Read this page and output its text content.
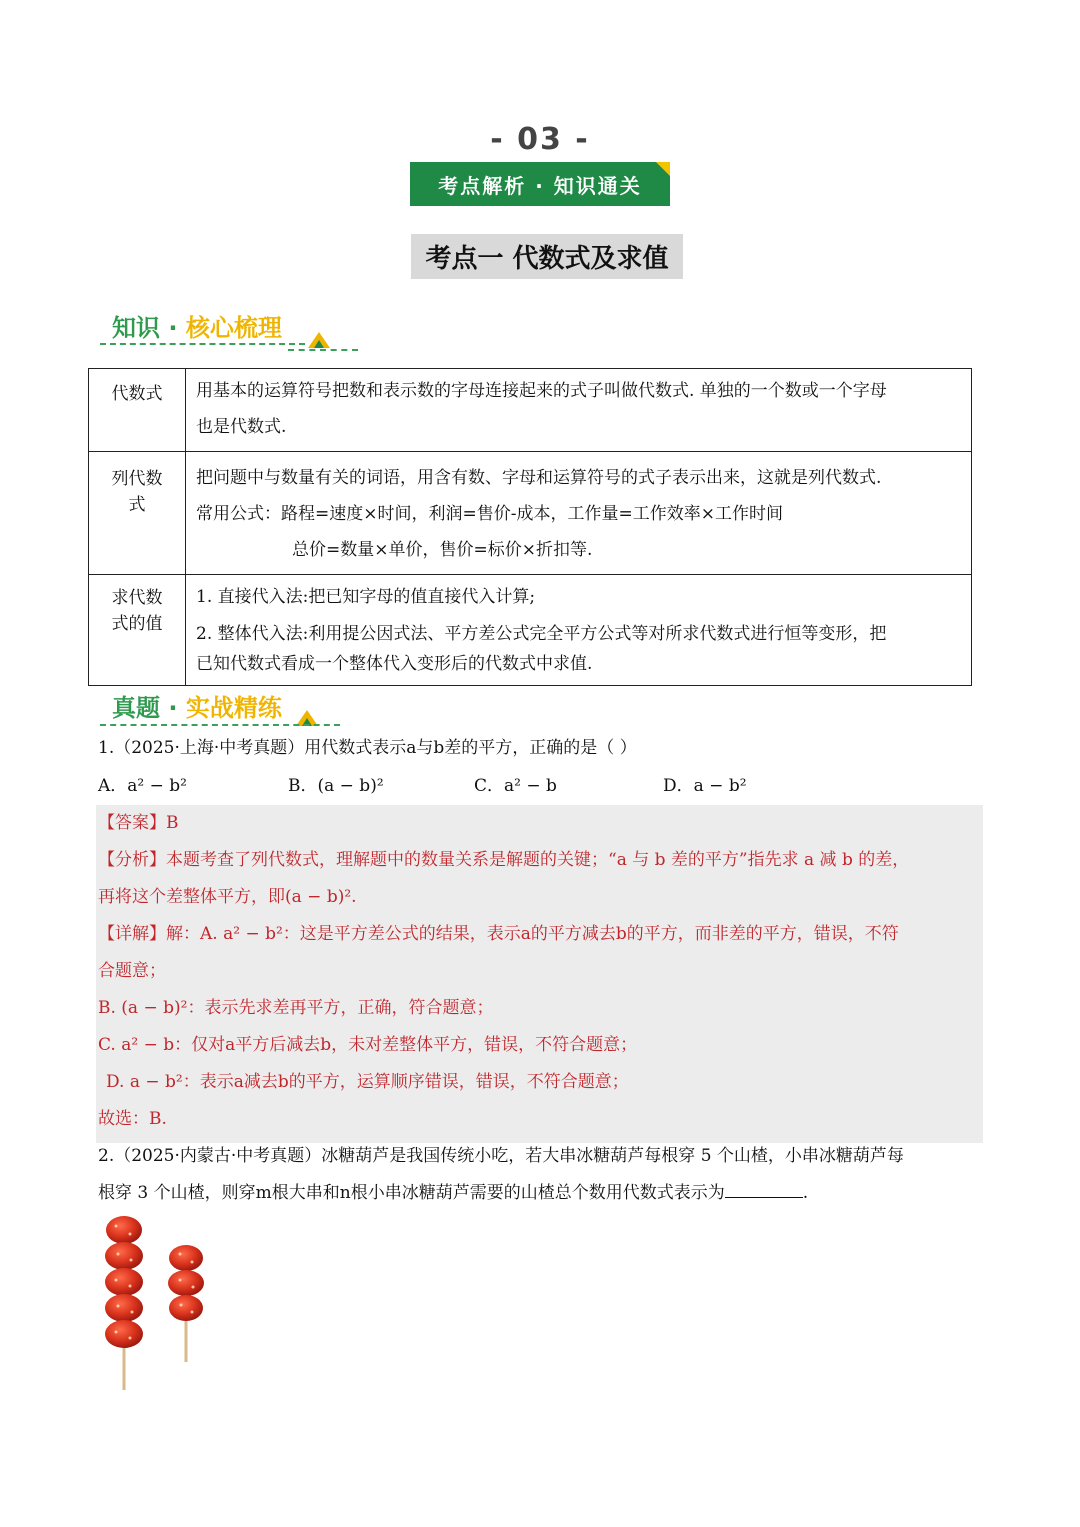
- 03 -
考点解析 · 知识通关
考点一 代数式及求值
知识 · 核心梳理
代数式	用基本的运算符号把数和表示数的字母连接起来的式子叫做代数式. 单独的一个数或一个字母
也是代数式.

列代数式	把问题中与数量有关的词语，用含有数、字母和运算符号的式子表示出来，这就是列代数式.
常用公式：路程=速度×时间，利润=售价-成本，工作量=工作效率×工作时间
总价=数量×单价，售价=标价×折扣等.

求代数式的值	1. 直接代入法:把已知字母的值直接代入计算;
2. 整体代入法:利用提公因式法、平方差公式完全平方公式等对所求代数式进行恒等变形，把
已知代数式看成一个整体代入变形后的代数式中求值.
真题 · 实战精练
1.（2025·上海·中考真题）用代数式表示a与b差的平方，正确的是（ ）
A．a² − b²	B．(a − b)²	C．a² − b	D．a − b²
【答案】B
【分析】本题考查了列代数式，理解题中的数量关系是解题的关键；“a 与 b 差的平方”指先求 a 减 b 的差，
再将这个差整体平方，即(a − b)².
【详解】解：A. a² − b²：这是平方差公式的结果，表示a的平方减去b的平方，而非差的平方，错误，不符
合题意；
B. (a − b)²：表示先求差再平方，正确，符合题意；
C. a² − b：仅对a平方后减去b，未对差整体平方，错误，不符合题意；
D. a − b²：表示a减去b的平方，运算顺序错误，错误，不符合题意；
故选：B.
2.（2025·内蒙古·中考真题）冰糖葫芦是我国传统小吃，若大串冰糖葫芦每根穿 5 个山楂，小串冰糖葫芦每
根穿 3 个山楂，则穿m根大串和n根小串冰糖葫芦需要的山楂总个数用代数式表示为	.
